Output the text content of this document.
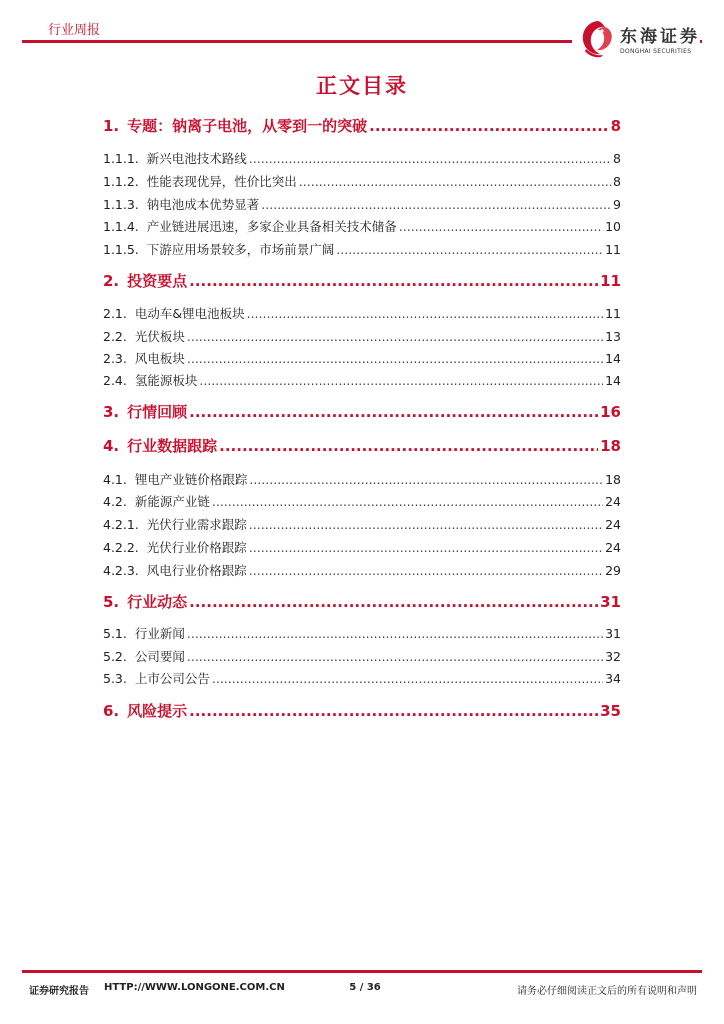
行业周报	东海证券
DONGHAI SECURITIES
正文目录
1. 专题：钠离子电池，从零到一的突破 .....	8
1.1.1. 新兴电池技术路线 .....	8
1.1.2. 性能表现优异，性价比突出 .....	8
1.1.3. 钠电池成本优势显著 .....	9
1.1.4. 产业链进展迅速，多家企业具备相关技术储备 .....	10
1.1.5. 下游应用场景较多，市场前景广阔 .....	11
2. 投资要点 .....	11
2.1. 电动车&锂电池板块 .....	11
2.2. 光伏板块 .....	13
2.3. 风电板块 .....	14
2.4. 氢能源板块 .....	14
3. 行情回顾 .....	16
4. 行业数据跟踪 .....	18
4.1. 锂电产业链价格跟踪 .....	18
4.2. 新能源产业链 .....	24
4.2.1. 光伏行业需求跟踪 .....	24
4.2.2. 光伏行业价格跟踪 .....	24
4.2.3. 风电行业价格跟踪 .....	29
5. 行业动态 .....	31
5.1. 行业新闻 .....	31
5.2. 公司要闻 .....	32
5.3. 上市公司公告 .....	34
6. 风险提示 .....	35
证券研究报告 HTTP://WWW.LONGONE.COM.CN	5 / 36	请务必仔细阅读正文后的所有说明和声明
